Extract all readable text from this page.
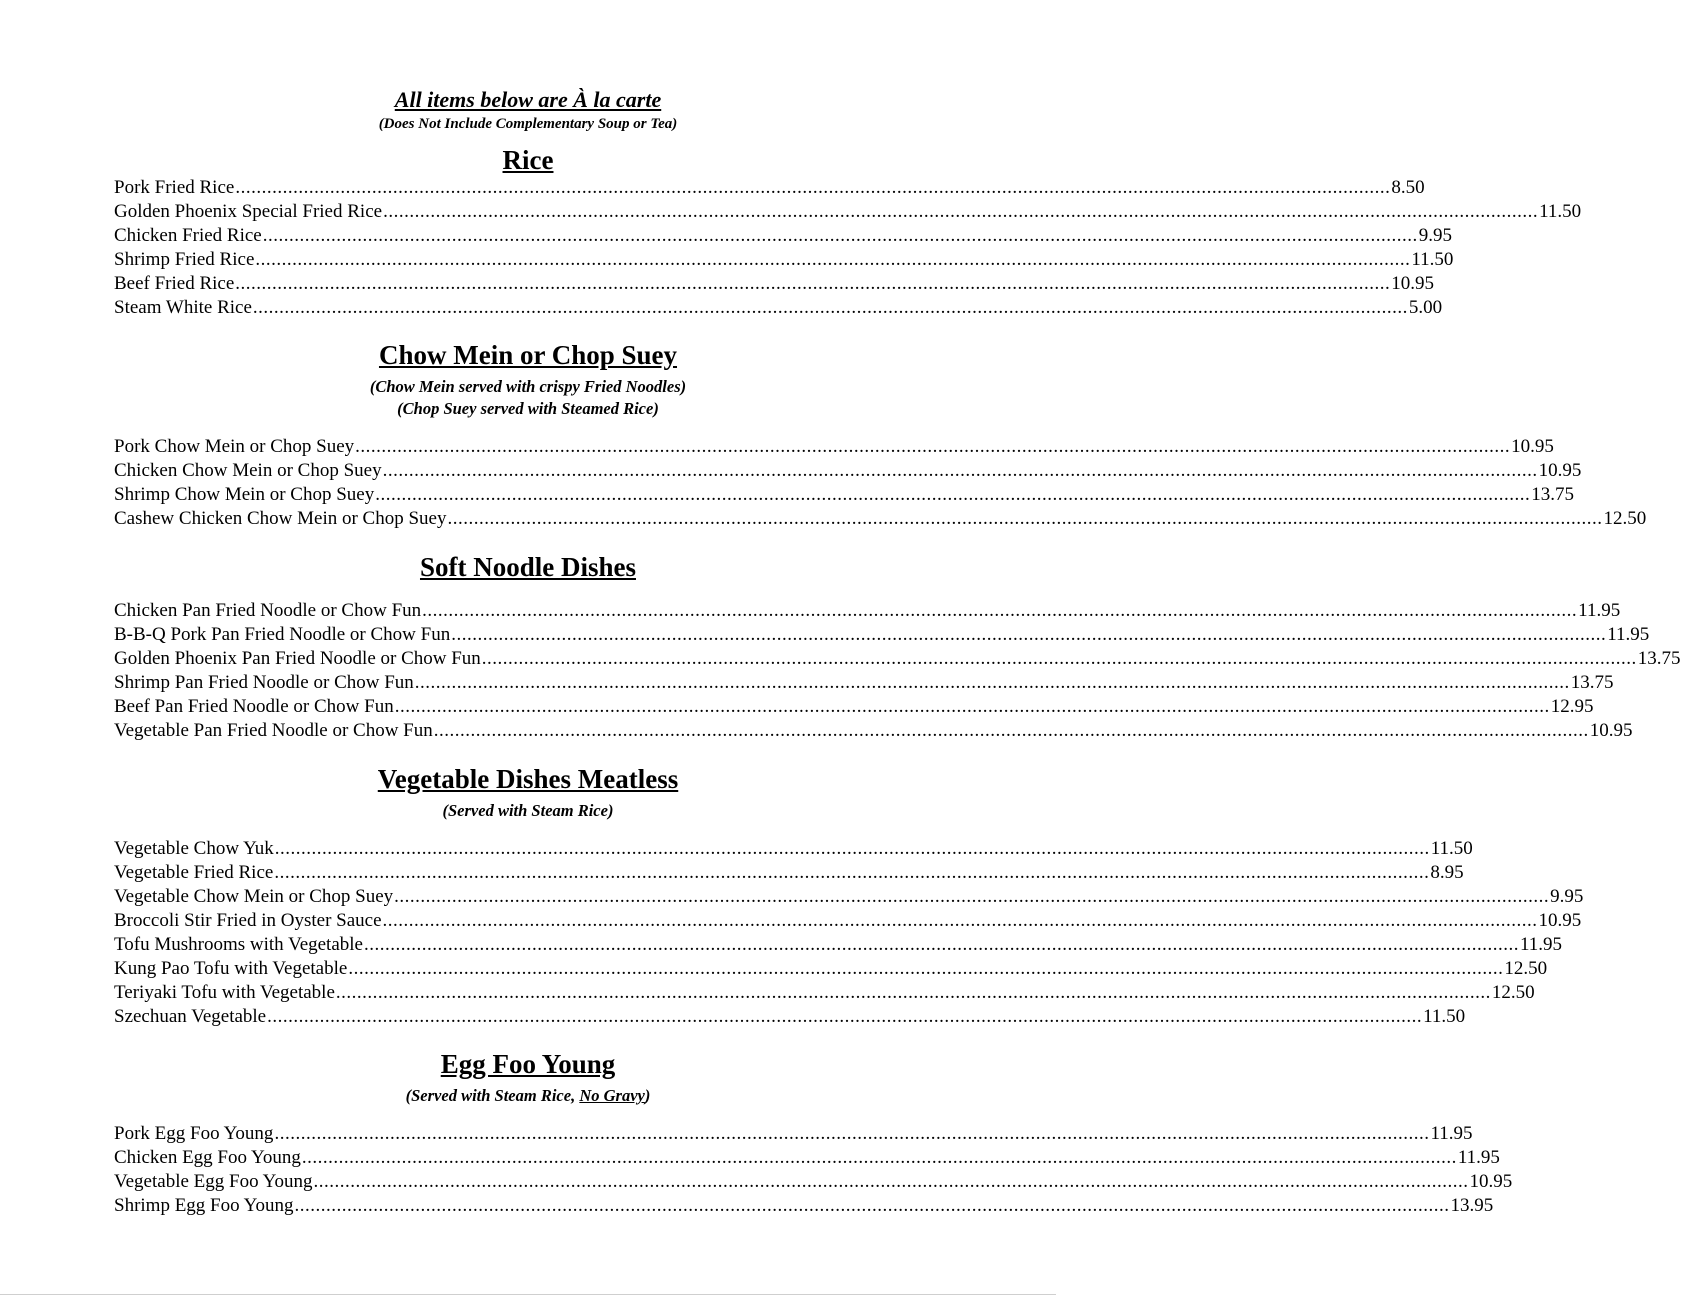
All items below are À la carte
(Does Not Include Complementary Soup or Tea)
Rice
Pork Fried Rice ............................................................................................................................................................................................................................ 8.50
Golden Phoenix Special Fried Rice ............................................................................................................................................................................................................................ 11.50
Chicken Fried Rice ............................................................................................................................................................................................................................ 9.95
Shrimp Fried Rice ............................................................................................................................................................................................................................ 11.50
Beef Fried Rice ............................................................................................................................................................................................................................ 10.95
Steam White Rice ............................................................................................................................................................................................................................ 5.00
Chow Mein or Chop Suey
(Chow Mein served with crispy Fried Noodles)
(Chop Suey served with Steamed Rice)
Pork Chow Mein or Chop Suey ............................................................................................................................................................................................................................ 10.95
Chicken Chow Mein or Chop Suey ............................................................................................................................................................................................................................ 10.95
Shrimp Chow Mein or Chop Suey ............................................................................................................................................................................................................................ 13.75
Cashew Chicken Chow Mein or Chop Suey ............................................................................................................................................................................................................................ 12.50
Soft Noodle Dishes
Chicken Pan Fried Noodle or Chow Fun ............................................................................................................................................................................................................................ 11.95
B-B-Q Pork Pan Fried Noodle or Chow Fun ............................................................................................................................................................................................................................ 11.95
Golden Phoenix Pan Fried Noodle or Chow Fun ............................................................................................................................................................................................................................ 13.75
Shrimp Pan Fried Noodle or Chow Fun ............................................................................................................................................................................................................................ 13.75
Beef Pan Fried Noodle or Chow Fun ............................................................................................................................................................................................................................ 12.95
Vegetable Pan Fried Noodle or Chow Fun ............................................................................................................................................................................................................................ 10.95
Vegetable Dishes Meatless
(Served with Steam Rice)
Vegetable Chow Yuk ............................................................................................................................................................................................................................ 11.50
Vegetable Fried Rice ............................................................................................................................................................................................................................ 8.95
Vegetable Chow Mein or Chop Suey ............................................................................................................................................................................................................................ 9.95
Broccoli Stir Fried in Oyster Sauce ............................................................................................................................................................................................................................ 10.95
Tofu Mushrooms with Vegetable ............................................................................................................................................................................................................................ 11.95
Kung Pao Tofu with Vegetable ............................................................................................................................................................................................................................ 12.50
Teriyaki Tofu with Vegetable ............................................................................................................................................................................................................................ 12.50
Szechuan Vegetable ............................................................................................................................................................................................................................ 11.50
Egg Foo Young
(Served with Steam Rice, No Gravy)
Pork Egg Foo Young ............................................................................................................................................................................................................................ 11.95
Chicken Egg Foo Young ............................................................................................................................................................................................................................ 11.95
Vegetable Egg Foo Young ............................................................................................................................................................................................................................ 10.95
Shrimp Egg Foo Young ............................................................................................................................................................................................................................ 13.95
